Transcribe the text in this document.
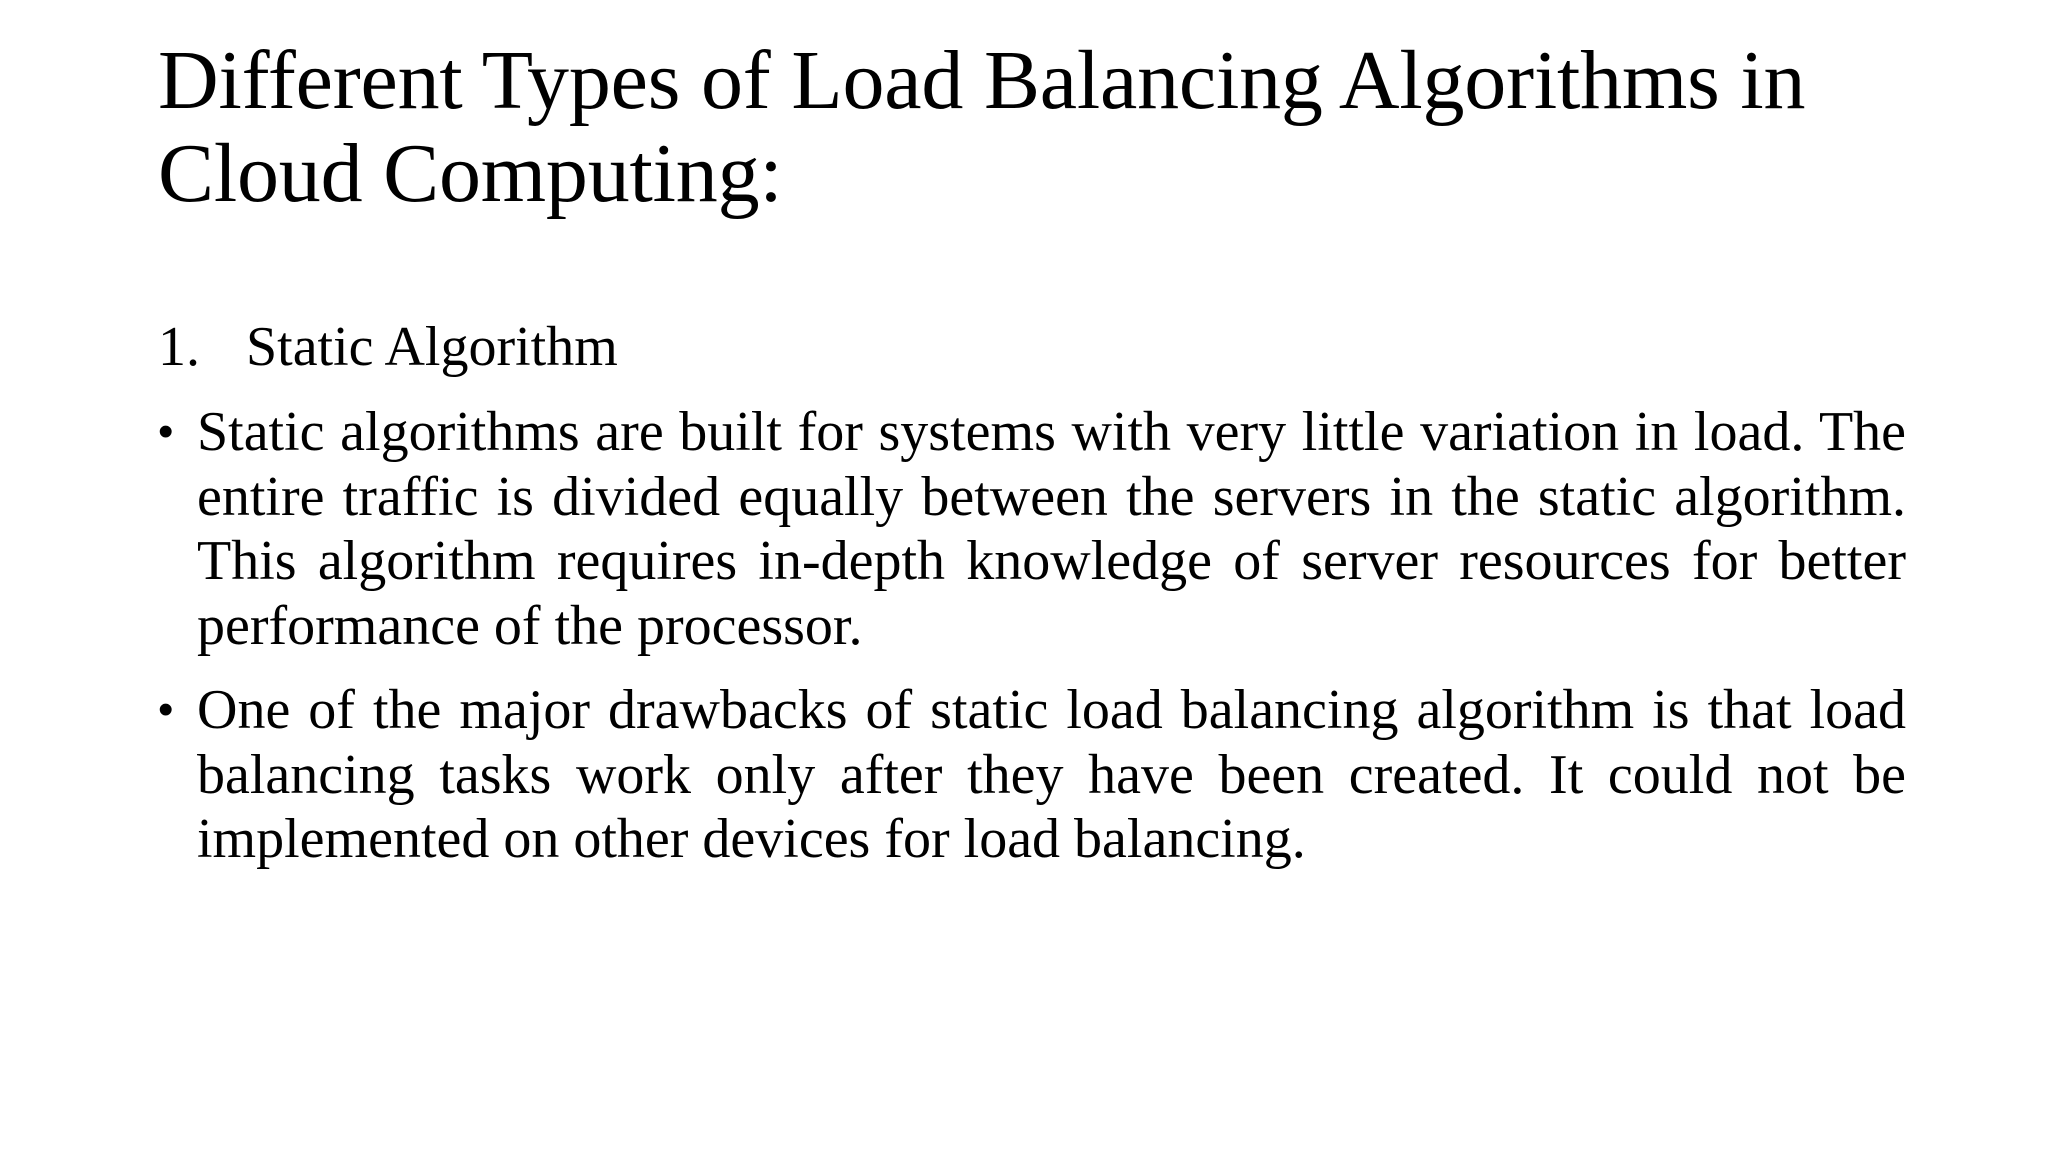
Different Types of Load Balancing Algorithms in Cloud Computing:
1. Static Algorithm
• Static algorithms are built for systems with very little variation in load. The entire traffic is divided equally between the servers in the static algorithm. This algorithm requires in-depth knowledge of server resources for better performance of the processor.
• One of the major drawbacks of static load balancing algorithm is that load balancing tasks work only after they have been created. It could not be implemented on other devices for load balancing.
